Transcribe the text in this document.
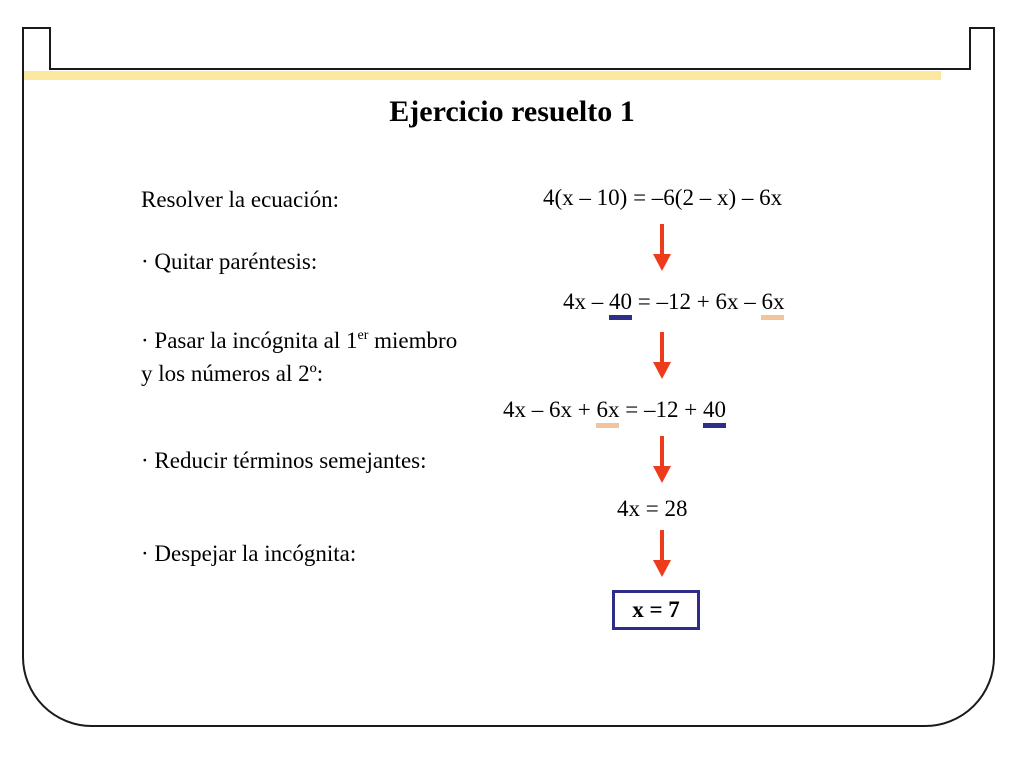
Ejercicio resuelto 1
Resolver la ecuación:
· Quitar paréntesis:
· Pasar la incógnita al 1er miembro
y los números al 2º:
· Reducir términos semejantes:
· Despejar la incógnita:
4(x – 10) = –6(2 – x) – 6x
4x – 40 = –12 + 6x – 6x
4x – 6x + 6x = –12 + 40
4x = 28
x = 7
